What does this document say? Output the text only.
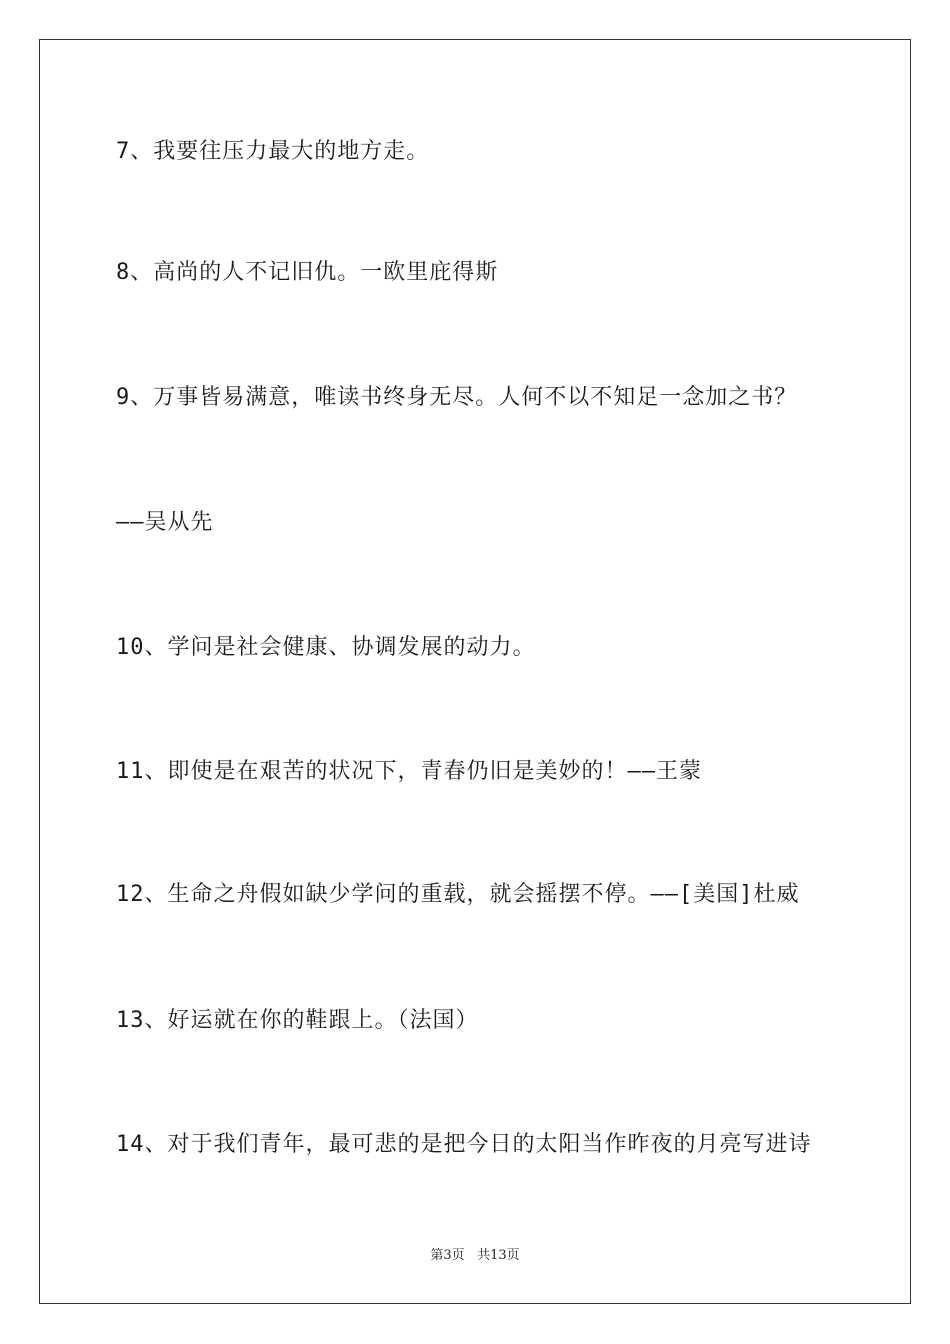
7、我要往压力最大的地方走。
8、高尚的人不记旧仇。一欧里庇得斯
9、万事皆易满意，唯读书终身无尽。人何不以不知足一念加之书？
——吴从先
10、学问是社会健康、协调发展的动力。
11、即使是在艰苦的状况下，青春仍旧是美妙的！——王蒙
12、生命之舟假如缺少学问的重载，就会摇摆不停。——[美国]杜威
13、好运就在你的鞋跟上。（法国）
14、对于我们青年，最可悲的是把今日的太阳当作昨夜的月亮写进诗
第3页 共13页
